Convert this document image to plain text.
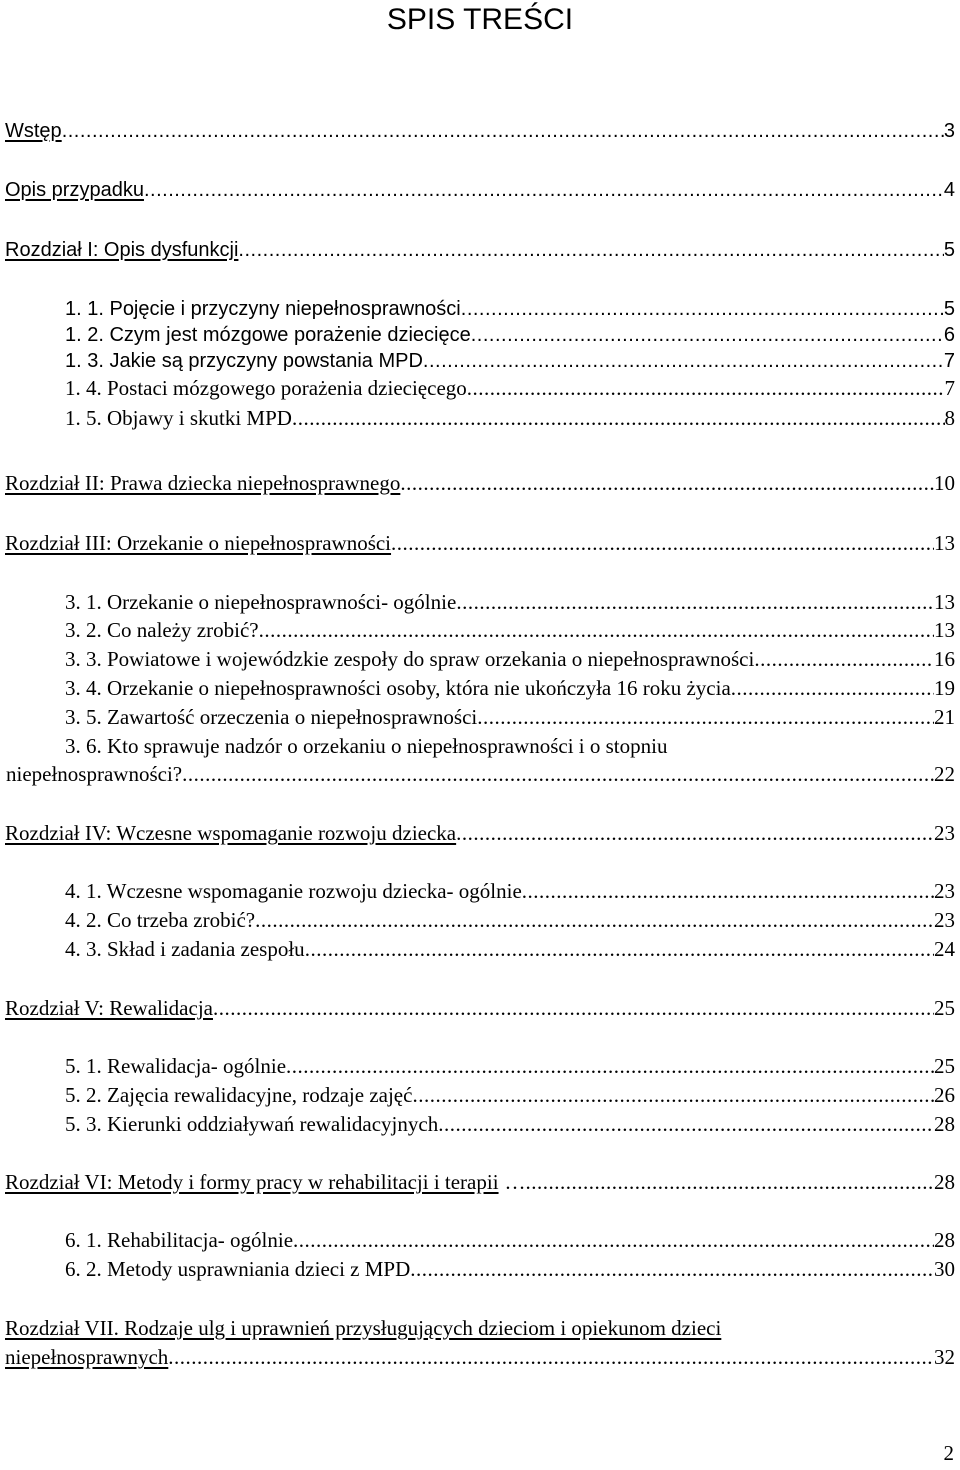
SPIS TREŚCI
Wstęp .....	3
Opis przypadku .....	4
Rozdział I: Opis dysfunkcji .....	5
1. 1. Pojęcie i przyczyny niepełnosprawności .....	5
1. 2. Czym jest mózgowe porażenie dziecięce .....	6
1. 3. Jakie są przyczyny powstania MPD .....	7
1. 4. Postaci mózgowego porażenia dziecięcego .....	7
1. 5. Objawy i skutki MPD .....	8
Rozdział II: Prawa dziecka niepełnosprawnego .....	10
Rozdział III: Orzekanie o niepełnosprawności .....	13
3. 1. Orzekanie o niepełnosprawności- ogólnie .....	13
3. 2. Co należy zrobić? .....	13
3. 3. Powiatowe i wojewódzkie zespoły do spraw orzekania o niepełnosprawności .....	16
3. 4. Orzekanie o niepełnosprawności osoby, która nie ukończyła 16 roku życia .....	19
3. 5. Zawartość orzeczenia o niepełnosprawności .....	21
3. 6. Kto sprawuje nadzór o orzekaniu o niepełnosprawności i o stopniu
niepełnosprawności? .....	22
Rozdział IV: Wczesne wspomaganie rozwoju dziecka .....	23
4. 1. Wczesne wspomaganie rozwoju dziecka- ogólnie .....	23
4. 2. Co trzeba zrobić? .....	23
4. 3. Skład i zadania zespołu .....	24
Rozdział V: Rewalidacja .....	25
5. 1. Rewalidacja- ogólnie .....	25
5. 2. Zajęcia rewalidacyjne, rodzaje zajęć .....	26
5. 3. Kierunki oddziaływań rewalidacyjnych .....	28
Rozdział VI: Metody i formy pracy w rehabilitacji i terapii … .....	28
6. 1. Rehabilitacja- ogólnie .....	28
6. 2. Metody usprawniania dzieci z MPD .....	30
Rozdział VII. Rodzaje ulg i uprawnień przysługujących dzieciom i opiekunom dzieci
niepełnosprawnych .....	32
2
